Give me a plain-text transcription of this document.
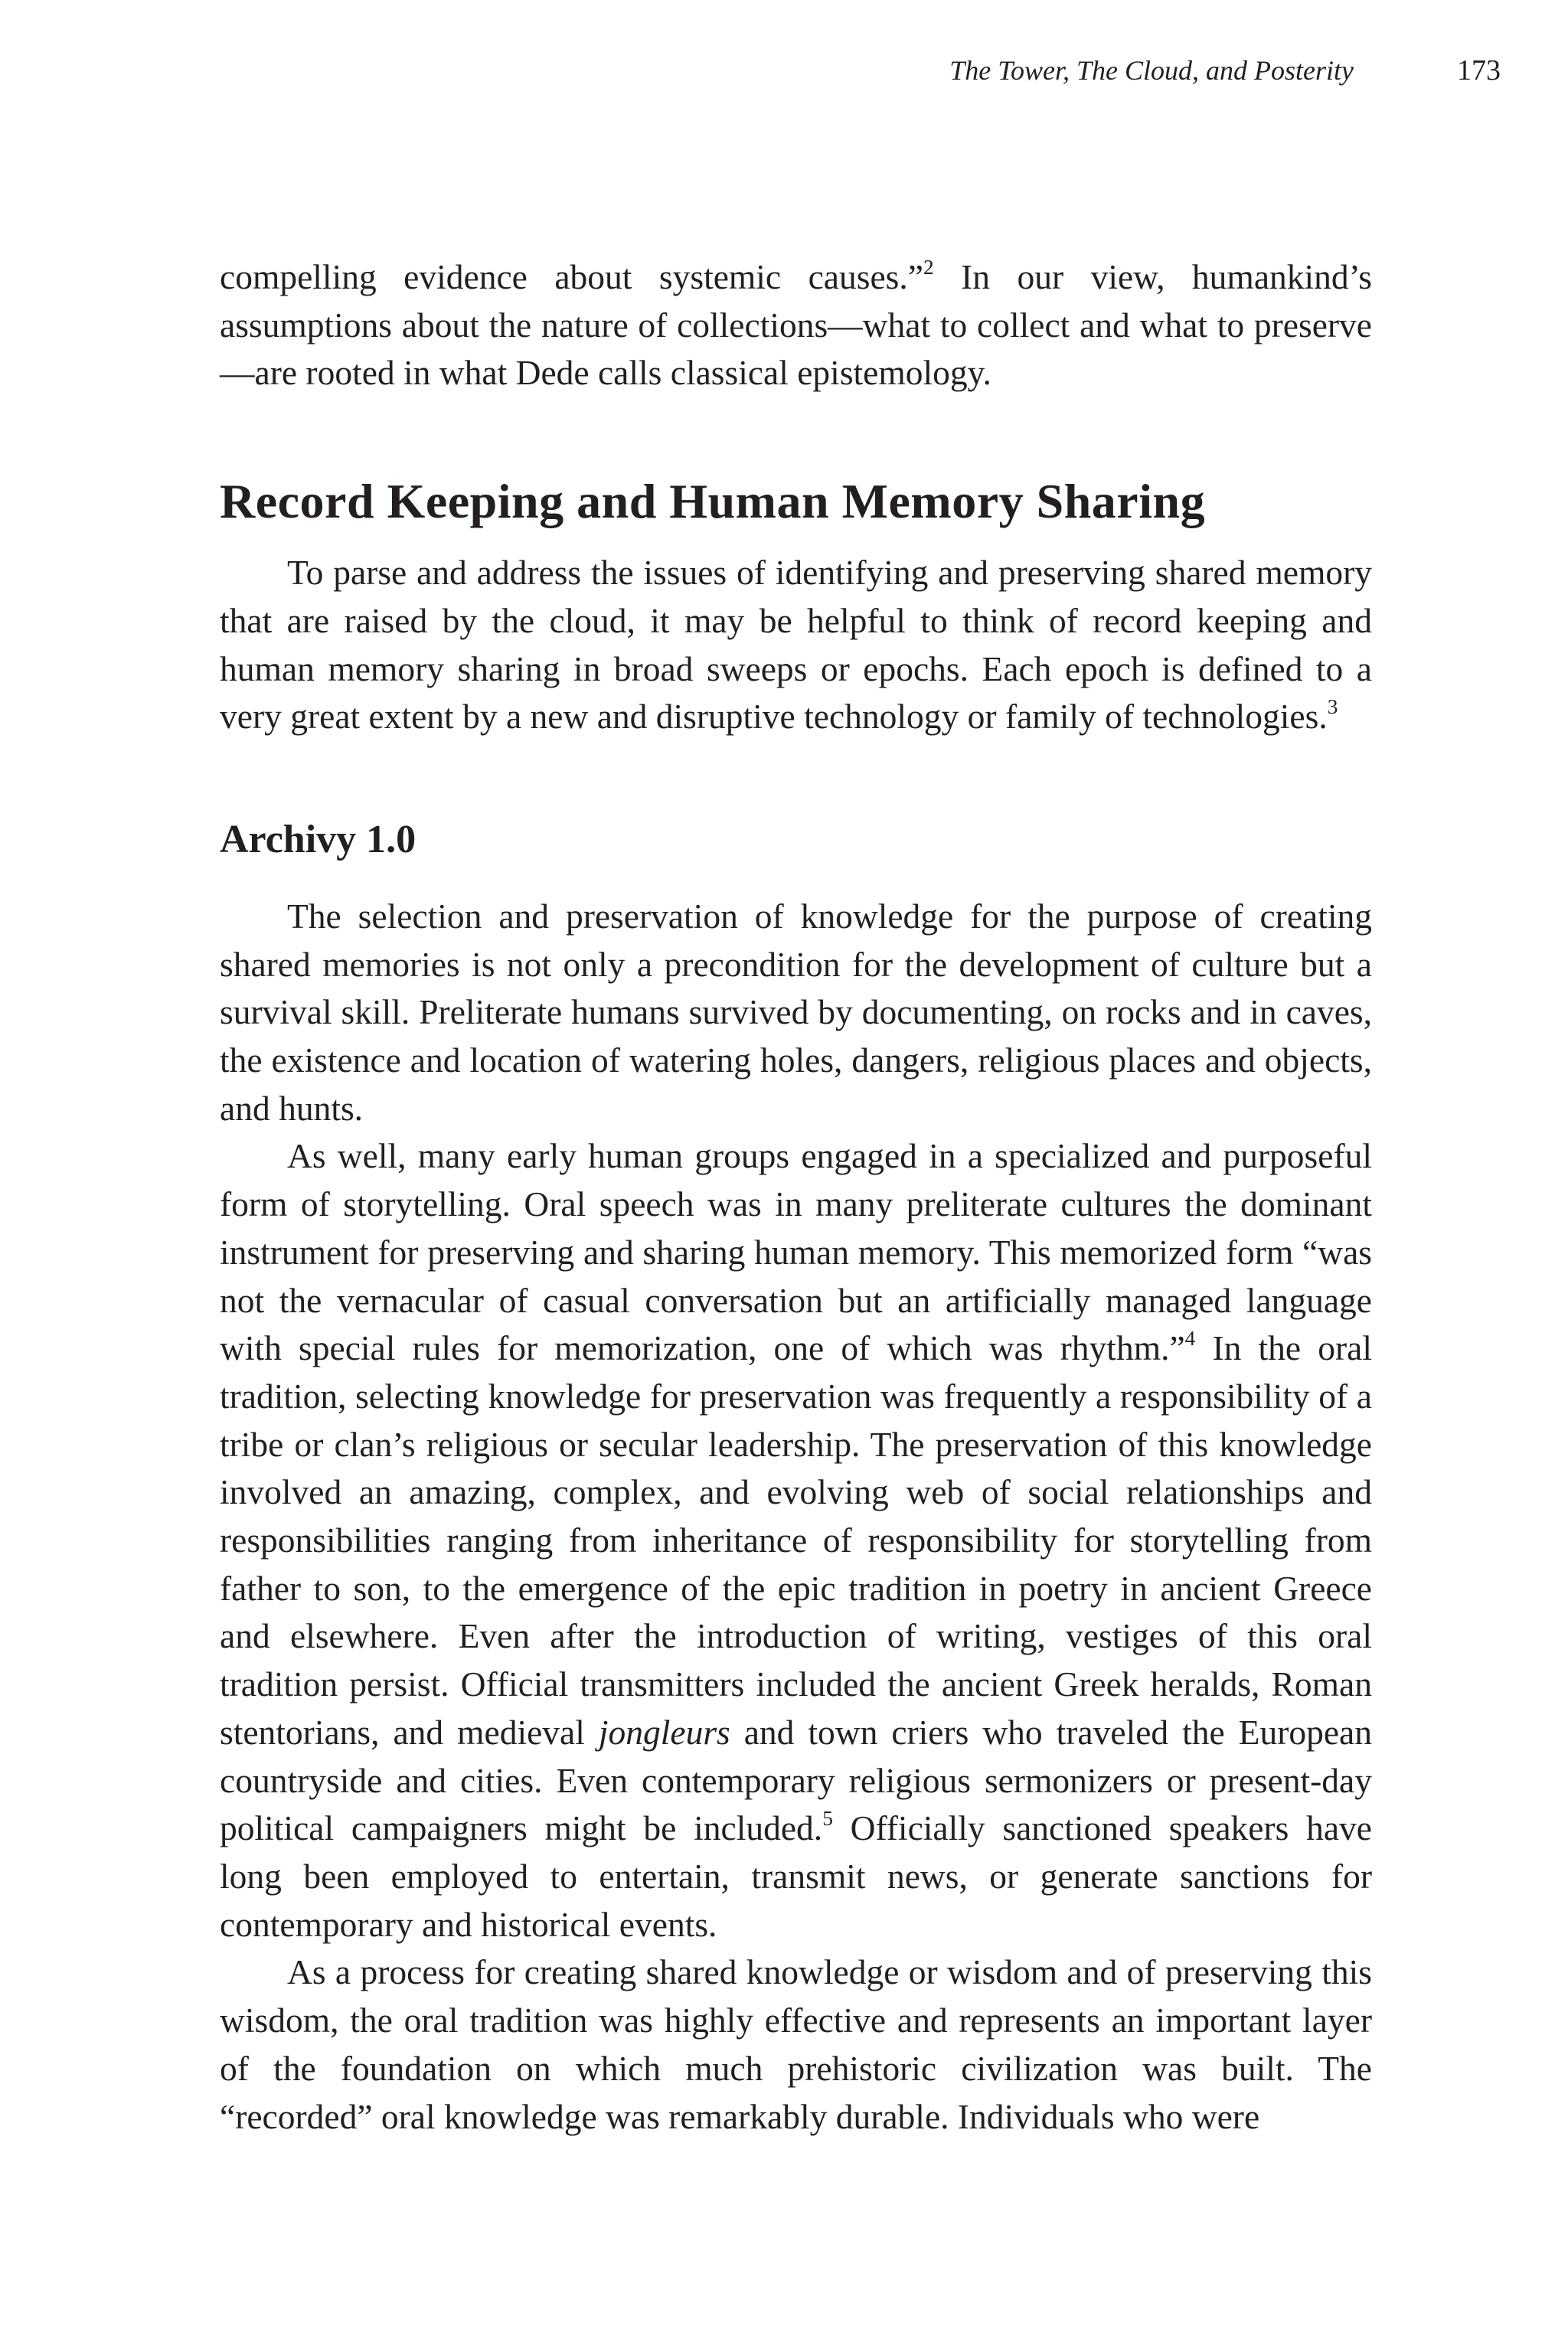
The Tower, The Cloud, and Posterity	173

compelling evidence about systemic causes.”$^2$ In our view, humankind’s assumptions about the nature of collections—what to collect and what to preserve—are rooted in what Dede calls classical epistemology.

Record Keeping and Human Memory Sharing

To parse and address the issues of identifying and preserving shared memory that are raised by the cloud, it may be helpful to think of record keeping and human memory sharing in broad sweeps or epochs. Each epoch is defined to a very great extent by a new and disruptive technology or family of technologies.$^3$

Archivy 1.0

The selection and preservation of knowledge for the purpose of creating shared memories is not only a precondition for the development of culture but a survival skill. Preliterate humans survived by documenting, on rocks and in caves, the existence and location of watering holes, dangers, religious places and objects, and hunts.

As well, many early human groups engaged in a specialized and purposeful form of storytelling. Oral speech was in many preliterate cultures the dominant instrument for preserving and sharing human memory. This memorized form “was not the vernacular of casual conversation but an artificially managed language with special rules for memorization, one of which was rhythm.”$^4$ In the oral tradition, selecting knowledge for preservation was frequently a responsibility of a tribe or clan’s religious or secular leadership. The preservation of this knowledge involved an amazing, complex, and evolving web of social relationships and responsibilities ranging from inheritance of responsibility for storytelling from father to son, to the emergence of the epic tradition in poetry in ancient Greece and elsewhere. Even after the introduction of writing, vestiges of this oral tradition persist. Official transmitters included the ancient Greek heralds, Roman stentorians, and medieval jongleurs and town criers who traveled the European countryside and cities. Even contemporary religious sermonizers or present-day political campaigners might be included.$^5$ Officially sanctioned speakers have long been employed to entertain, transmit news, or generate sanctions for contemporary and historical events.

As a process for creating shared knowledge or wisdom and of preserving this wisdom, the oral tradition was highly effective and represents an important layer of the foundation on which much prehistoric civilization was built. The “recorded” oral knowledge was remarkably durable. Individuals who were
